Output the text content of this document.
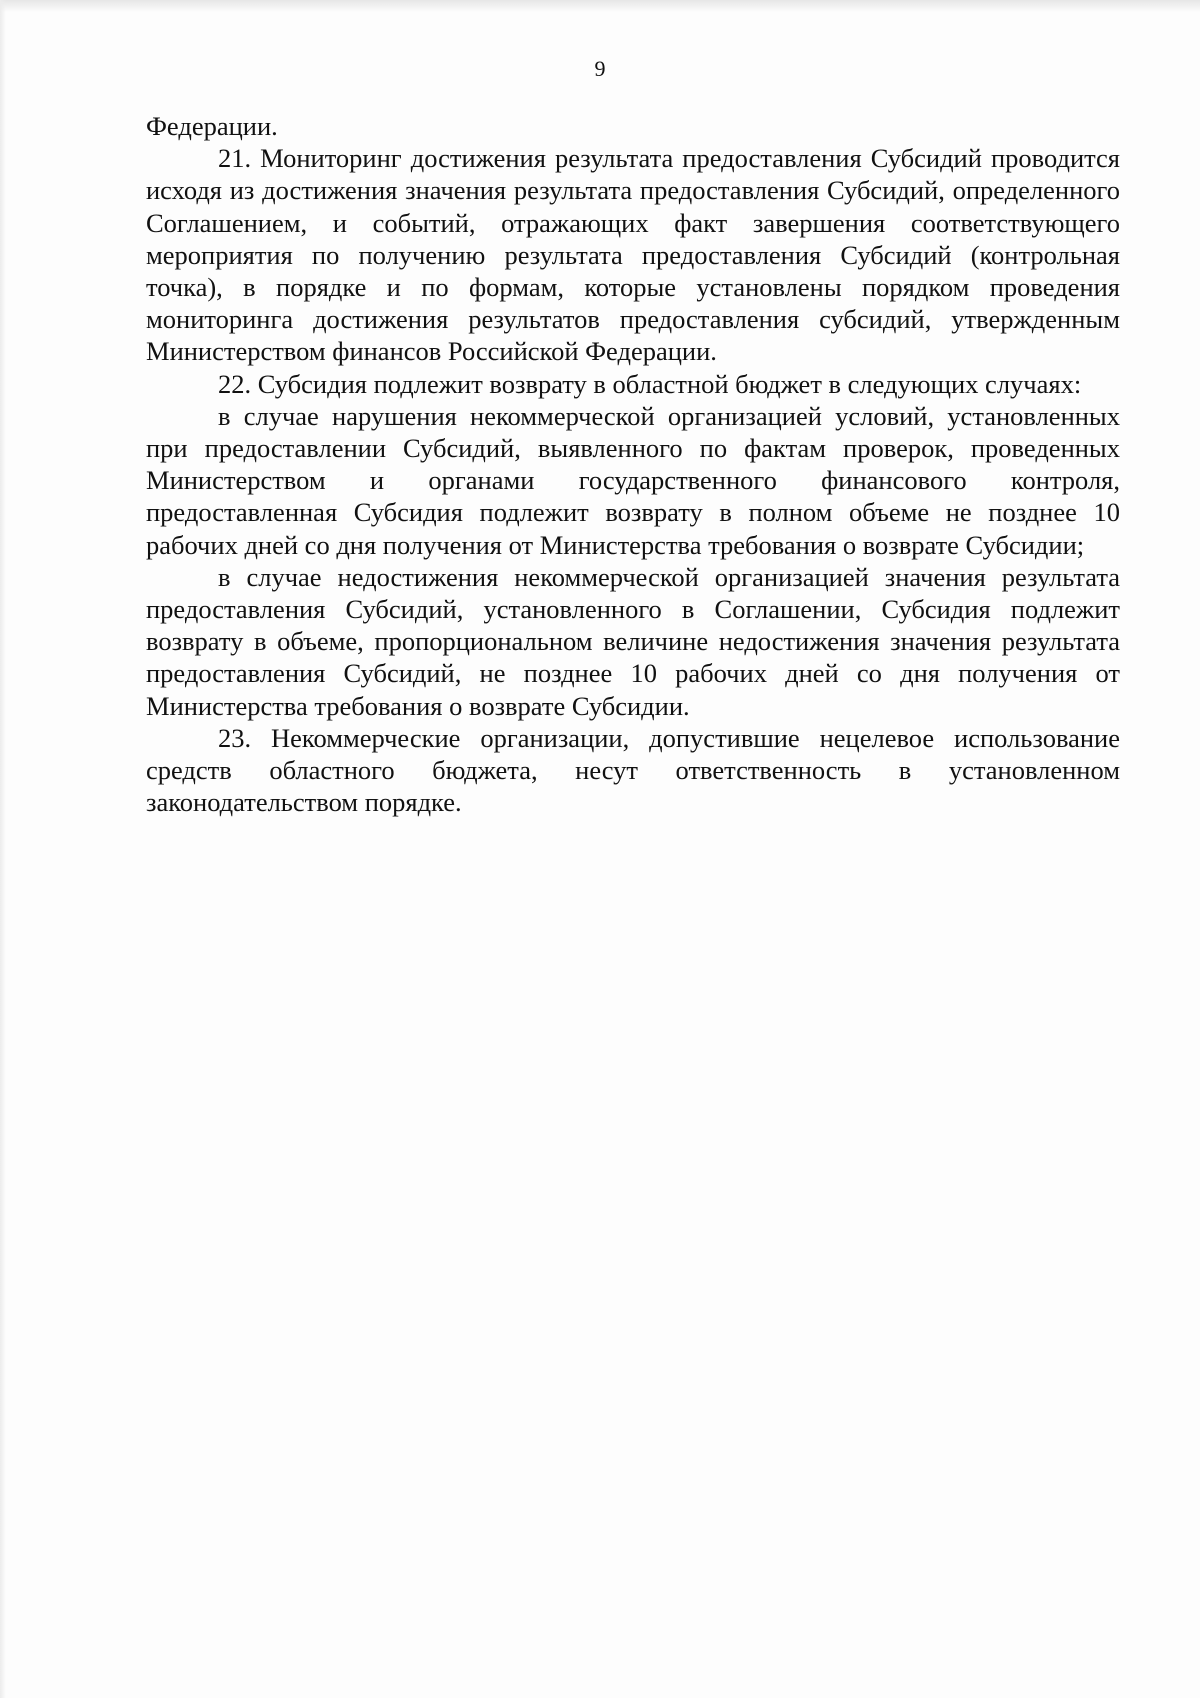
9

Федерации.

21. Мониторинг достижения результата предоставления Субсидий проводится исходя из достижения значения результата предоставления Субсидий, определенного Соглашением, и событий, отражающих факт завершения соответствующего мероприятия по получению результата предоставления Субсидий (контрольная точка), в порядке и по формам, которые установлены порядком проведения мониторинга достижения результатов предоставления субсидий, утвержденным Министерством финансов Российской Федерации.

22. Субсидия подлежит возврату в областной бюджет в следующих случаях:

в случае нарушения некоммерческой организацией условий, установленных при предоставлении Субсидий, выявленного по фактам проверок, проведенных Министерством и органами государственного финансового контроля, предоставленная Субсидия подлежит возврату в полном объеме не позднее 10 рабочих дней со дня получения от Министерства требования о возврате Субсидии;

в случае недостижения некоммерческой организацией значения результата предоставления Субсидий, установленного в Соглашении, Субсидия подлежит возврату в объеме, пропорциональном величине недостижения значения результата предоставления Субсидий, не позднее 10 рабочих дней со дня получения от Министерства требования о возврате Субсидии.

23. Некоммерческие организации, допустившие нецелевое использование средств областного бюджета, несут ответственность в установленном законодательством порядке.
